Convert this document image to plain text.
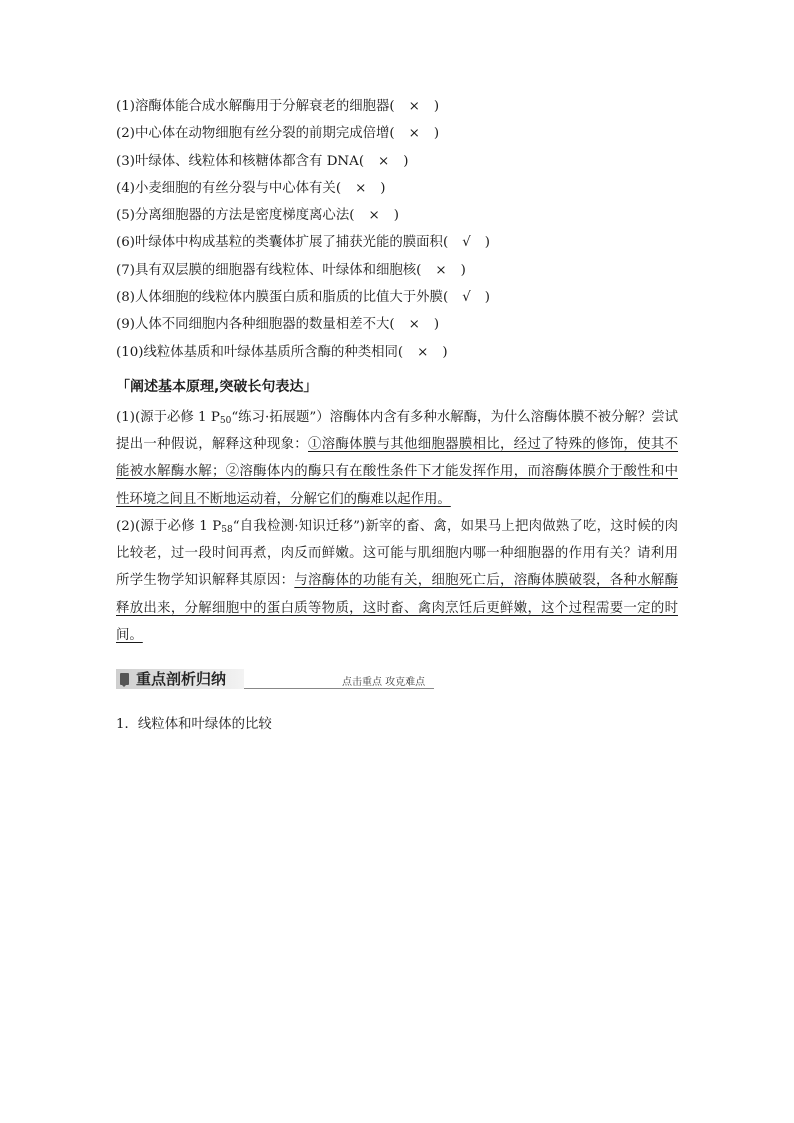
(1)溶酶体能合成水解酶用于分解衰老的细胞器( × )
(2)中心体在动物细胞有丝分裂的前期完成倍增( × )
(3)叶绿体、线粒体和核糖体都含有 DNA( × )
(4)小麦细胞的有丝分裂与中心体有关( × )
(5)分离细胞器的方法是密度梯度离心法( × )
(6)叶绿体中构成基粒的类囊体扩展了捕获光能的膜面积( √ )
(7)具有双层膜的细胞器有线粒体、叶绿体和细胞核( × )
(8)人体细胞的线粒体内膜蛋白质和脂质的比值大于外膜( √ )
(9)人体不同细胞内各种细胞器的数量相差不大( × )
(10)线粒体基质和叶绿体基质所含酶的种类相同( × )
「阐述基本原理,突破长句表达」
(1)(源于必修 1 $P_{50}“$练习·拓展题”）溶酶体内含有多种水解酶，为什么溶酶体膜不被分解？尝试提出一种假说，解释这种现象：①溶酶体膜与其他细胞器膜相比，经过了特殊的修饰，使其不能被水解酶水解；②溶酶体内的酶只有在酸性条件下才能发挥作用，而溶酶体膜介于酸性和中性环境之间且不断地运动着，分解它们的酶难以起作用。
(2)(源于必修 1 $P_{58}“$自我检测·知识迁移”)新宰的畜、禽，如果马上把肉做熟了吃，这时候的肉比较老，过一段时间再煮，肉反而鲜嫩。这可能与肌细胞内哪一种细胞器的作用有关？请利用所学生物学知识解释其原因：与溶酶体的功能有关，细胞死亡后，溶酶体膜破裂，各种水解酶释放出来，分解细胞中的蛋白质等物质，这时畜、禽肉烹饪后更鲜嫩，这个过程需要一定的时间。
重点剖析归纳	点击重点 攻克难点
1．线粒体和叶绿体的比较
